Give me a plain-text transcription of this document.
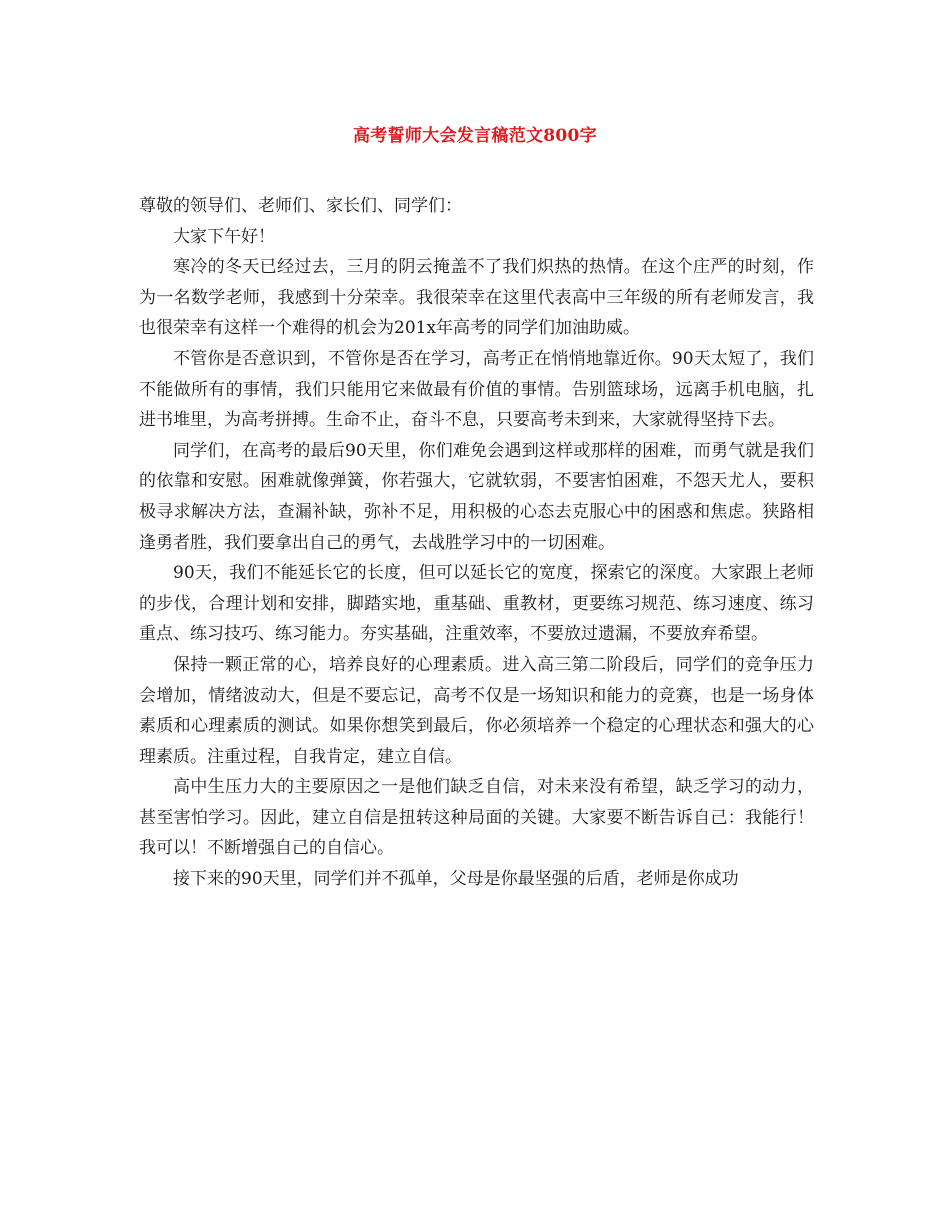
高考誓师大会发言稿范文800字

尊敬的领导们、老师们、家长们、同学们：

大家下午好！

寒冷的冬天已经过去，三月的阴云掩盖不了我们炽热的热情。在这个庄严的时刻，作为一名数学老师，我感到十分荣幸。我很荣幸在这里代表高中三年级的所有老师发言，我也很荣幸有这样一个难得的机会为201x年高考的同学们加油助威。

不管你是否意识到，不管你是否在学习，高考正在悄悄地靠近你。90天太短了，我们不能做所有的事情，我们只能用它来做最有价值的事情。告别篮球场，远离手机电脑，扎进书堆里，为高考拼搏。生命不止，奋斗不息，只要高考未到来，大家就得坚持下去。

同学们，在高考的最后90天里，你们难免会遇到这样或那样的困难，而勇气就是我们的依靠和安慰。困难就像弹簧，你若强大，它就软弱，不要害怕困难，不怨天尤人，要积极寻求解决方法，查漏补缺，弥补不足，用积极的心态去克服心中的困惑和焦虑。狭路相逢勇者胜，我们要拿出自己的勇气，去战胜学习中的一切困难。

90天，我们不能延长它的长度，但可以延长它的宽度，探索它的深度。大家跟上老师的步伐，合理计划和安排，脚踏实地，重基础、重教材，更要练习规范、练习速度、练习重点、练习技巧、练习能力。夯实基础，注重效率，不要放过遗漏，不要放弃希望。

保持一颗正常的心，培养良好的心理素质。进入高三第二阶段后，同学们的竞争压力会增加，情绪波动大，但是不要忘记，高考不仅是一场知识和能力的竞赛，也是一场身体素质和心理素质的测试。如果你想笑到最后，你必须培养一个稳定的心理状态和强大的心理素质。注重过程，自我肯定，建立自信。

高中生压力大的主要原因之一是他们缺乏自信，对未来没有希望，缺乏学习的动力，甚至害怕学习。因此，建立自信是扭转这种局面的关键。大家要不断告诉自己：我能行！我可以！不断增强自己的自信心。

接下来的90天里，同学们并不孤单，父母是你最坚强的后盾，老师是你成功
